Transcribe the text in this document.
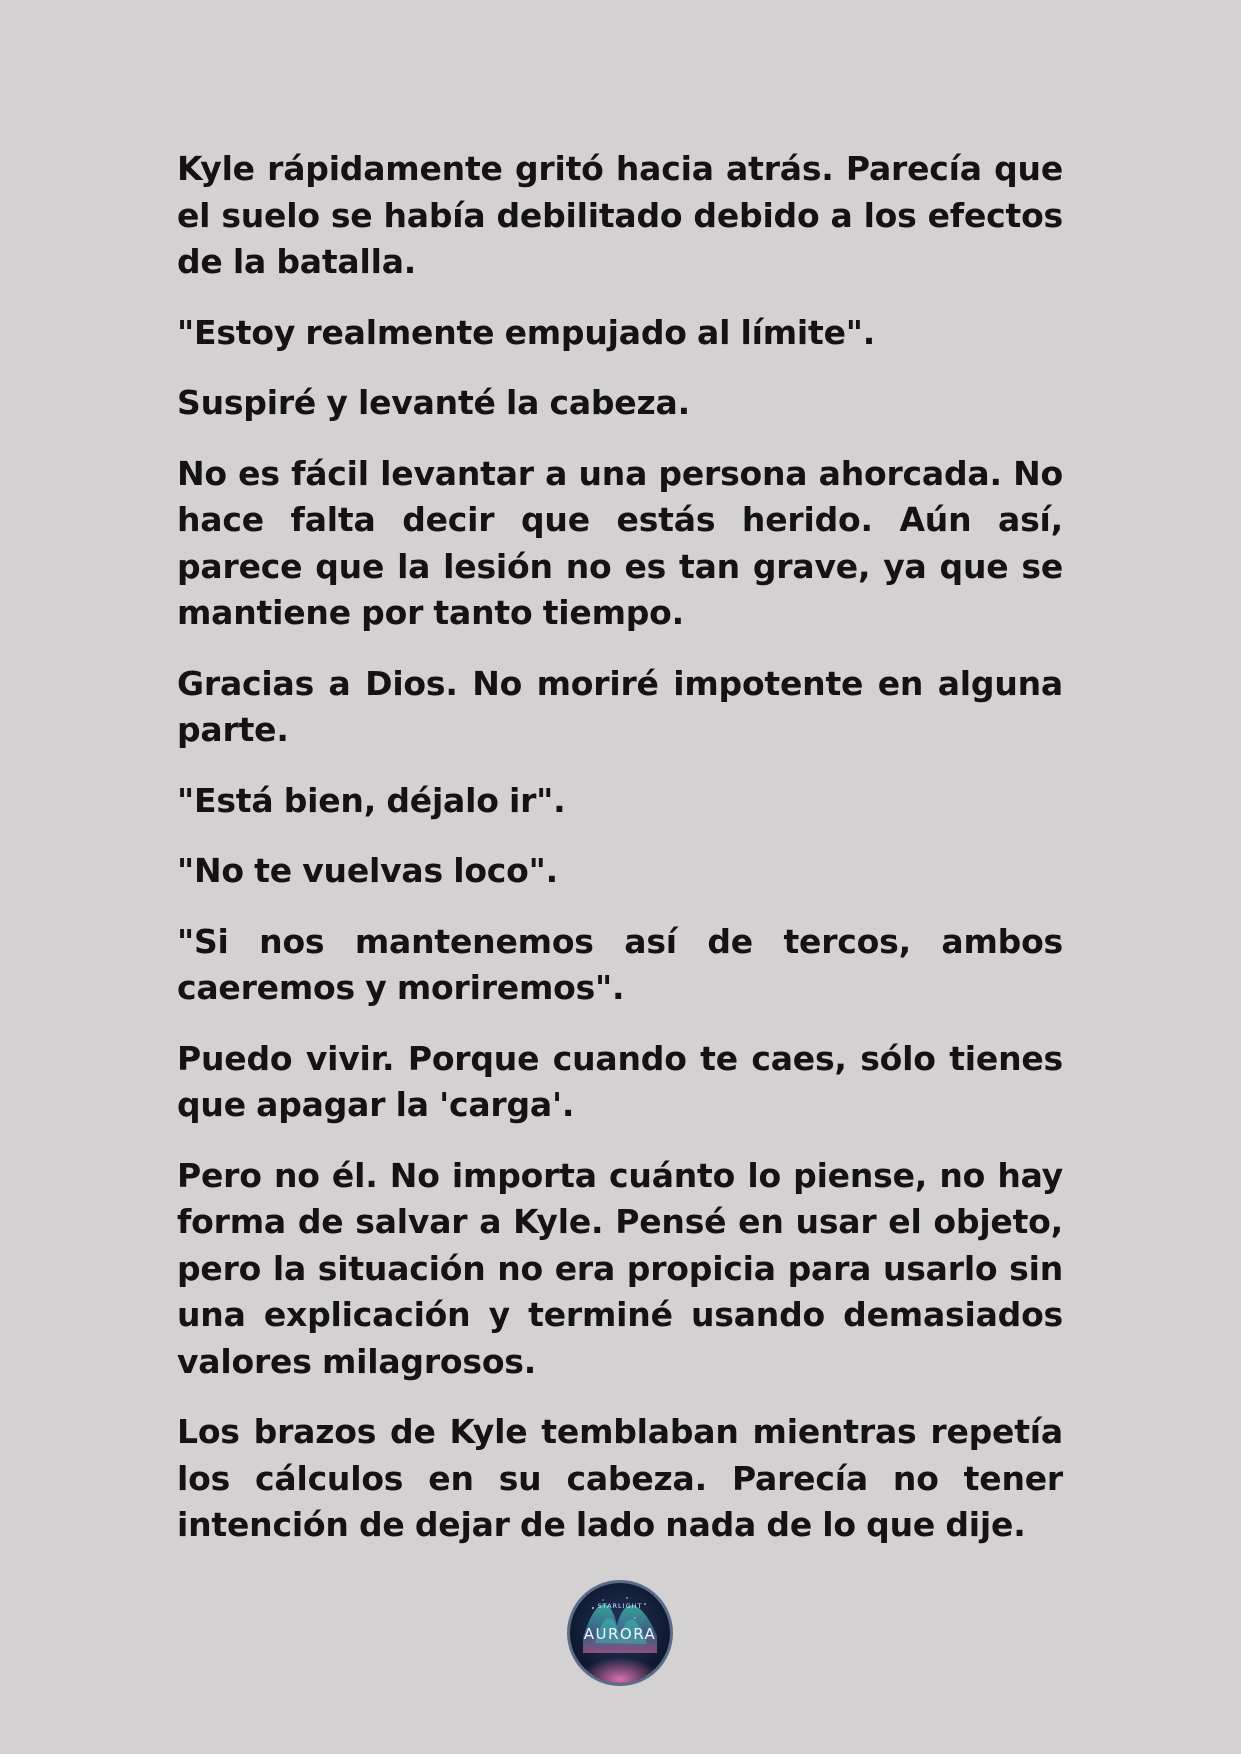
Kyle rápidamente gritó hacia atrás. Parecía que el suelo se había debilitado debido a los efectos de la batalla.

"Estoy realmente empujado al límite".

Suspiré y levanté la cabeza.

No es fácil levantar a una persona ahorcada. No hace falta decir que estás herido. Aún así, parece que la lesión no es tan grave, ya que se mantiene por tanto tiempo.

Gracias a Dios. No moriré impotente en alguna parte.

"Está bien, déjalo ir".

"No te vuelvas loco".

"Si nos mantenemos así de tercos, ambos caeremos y moriremos".

Puedo vivir. Porque cuando te caes, sólo tienes que apagar la 'carga'.

Pero no él. No importa cuánto lo piense, no hay forma de salvar a Kyle. Pensé en usar el objeto, pero la situación no era propicia para usarlo sin una explicación y terminé usando demasiados valores milagrosos.

Los brazos de Kyle temblaban mientras repetía los cálculos en su cabeza. Parecía no tener intención de dejar de lado nada de lo que dije.

STARLIGHT
AURORA
